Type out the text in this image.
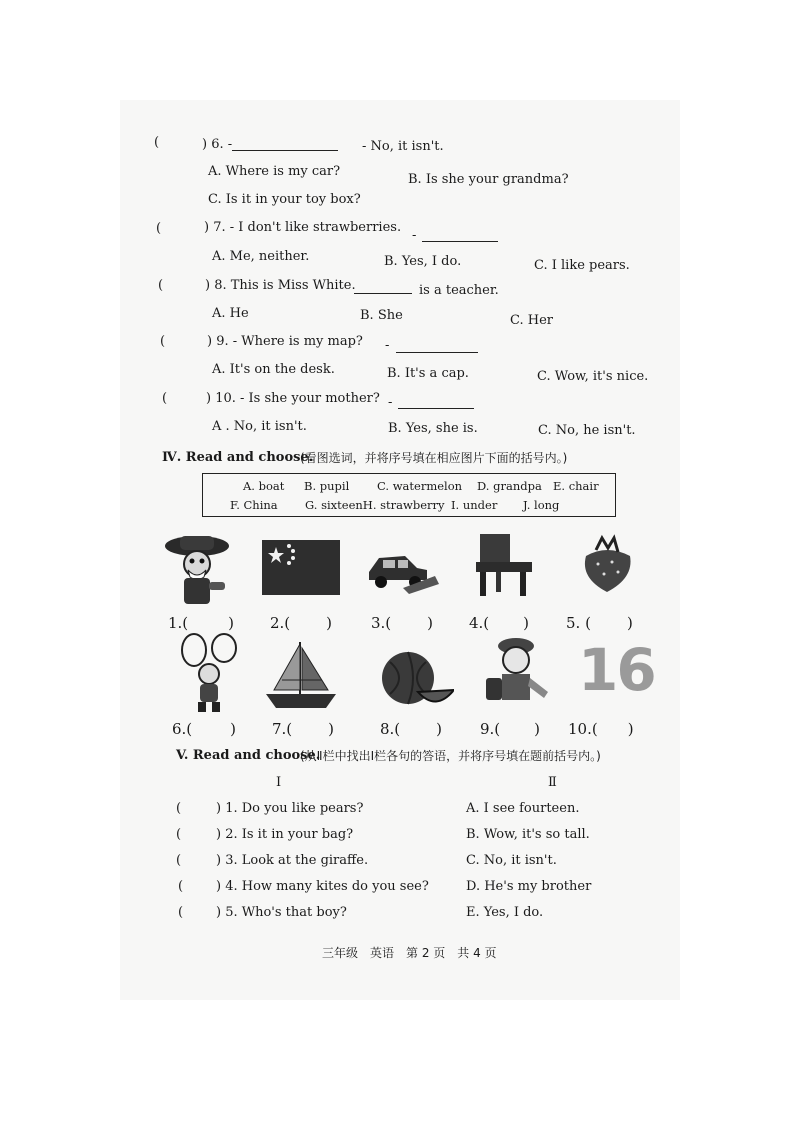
(	) 6. -	- No, it isn't.
A. Where is my car?
B. Is she your grandma?
C. Is it in your toy box?
(	) 7. - I don't like strawberries.
-
A. Me, neither.	B. Yes, I do.	C. I like pears.
(	) 8. This is Miss White.	is a teacher.
A. He	B. She	C. Her
(	) 9. - Where is my map? -
A. It's on the desk.	B. It's a cap.	C. Wow, it's nice.
(	) 10. - Is she your mother? -
A . No, it isn't.	B. Yes, she is.	C. No, he isn't.
Ⅳ. Read and choose.
(看图选词，并将序号填在相应图片下面的括号内。)
A. boat B. pupil C. watermelon D. grandpa E. chair
F. China G. sixteenH. strawberry I. under J. long
1.(	) 2.( )	3.( ) 4.( ) 5. ( )
16
6.(	) 7.( )	8.( )	9.( ) 10.( )
V. Read and choose.
(从Ⅱ栏中找出Ⅰ栏各句的答语，并将序号填在题前括号内。)
I	Ⅱ
(	) 1. Do you like pears?	A. I see fourteen.
(	) 2. Is it in your bag?	B. Wow, it's so tall.
(	) 3. Look at the giraffe.	C. No, it isn't.
(	) 4. How many kites do you see?	D. He's my brother
(	) 5. Who's that boy?	E. Yes, I do.
三年级　英语　第 2 页　共 4 页
